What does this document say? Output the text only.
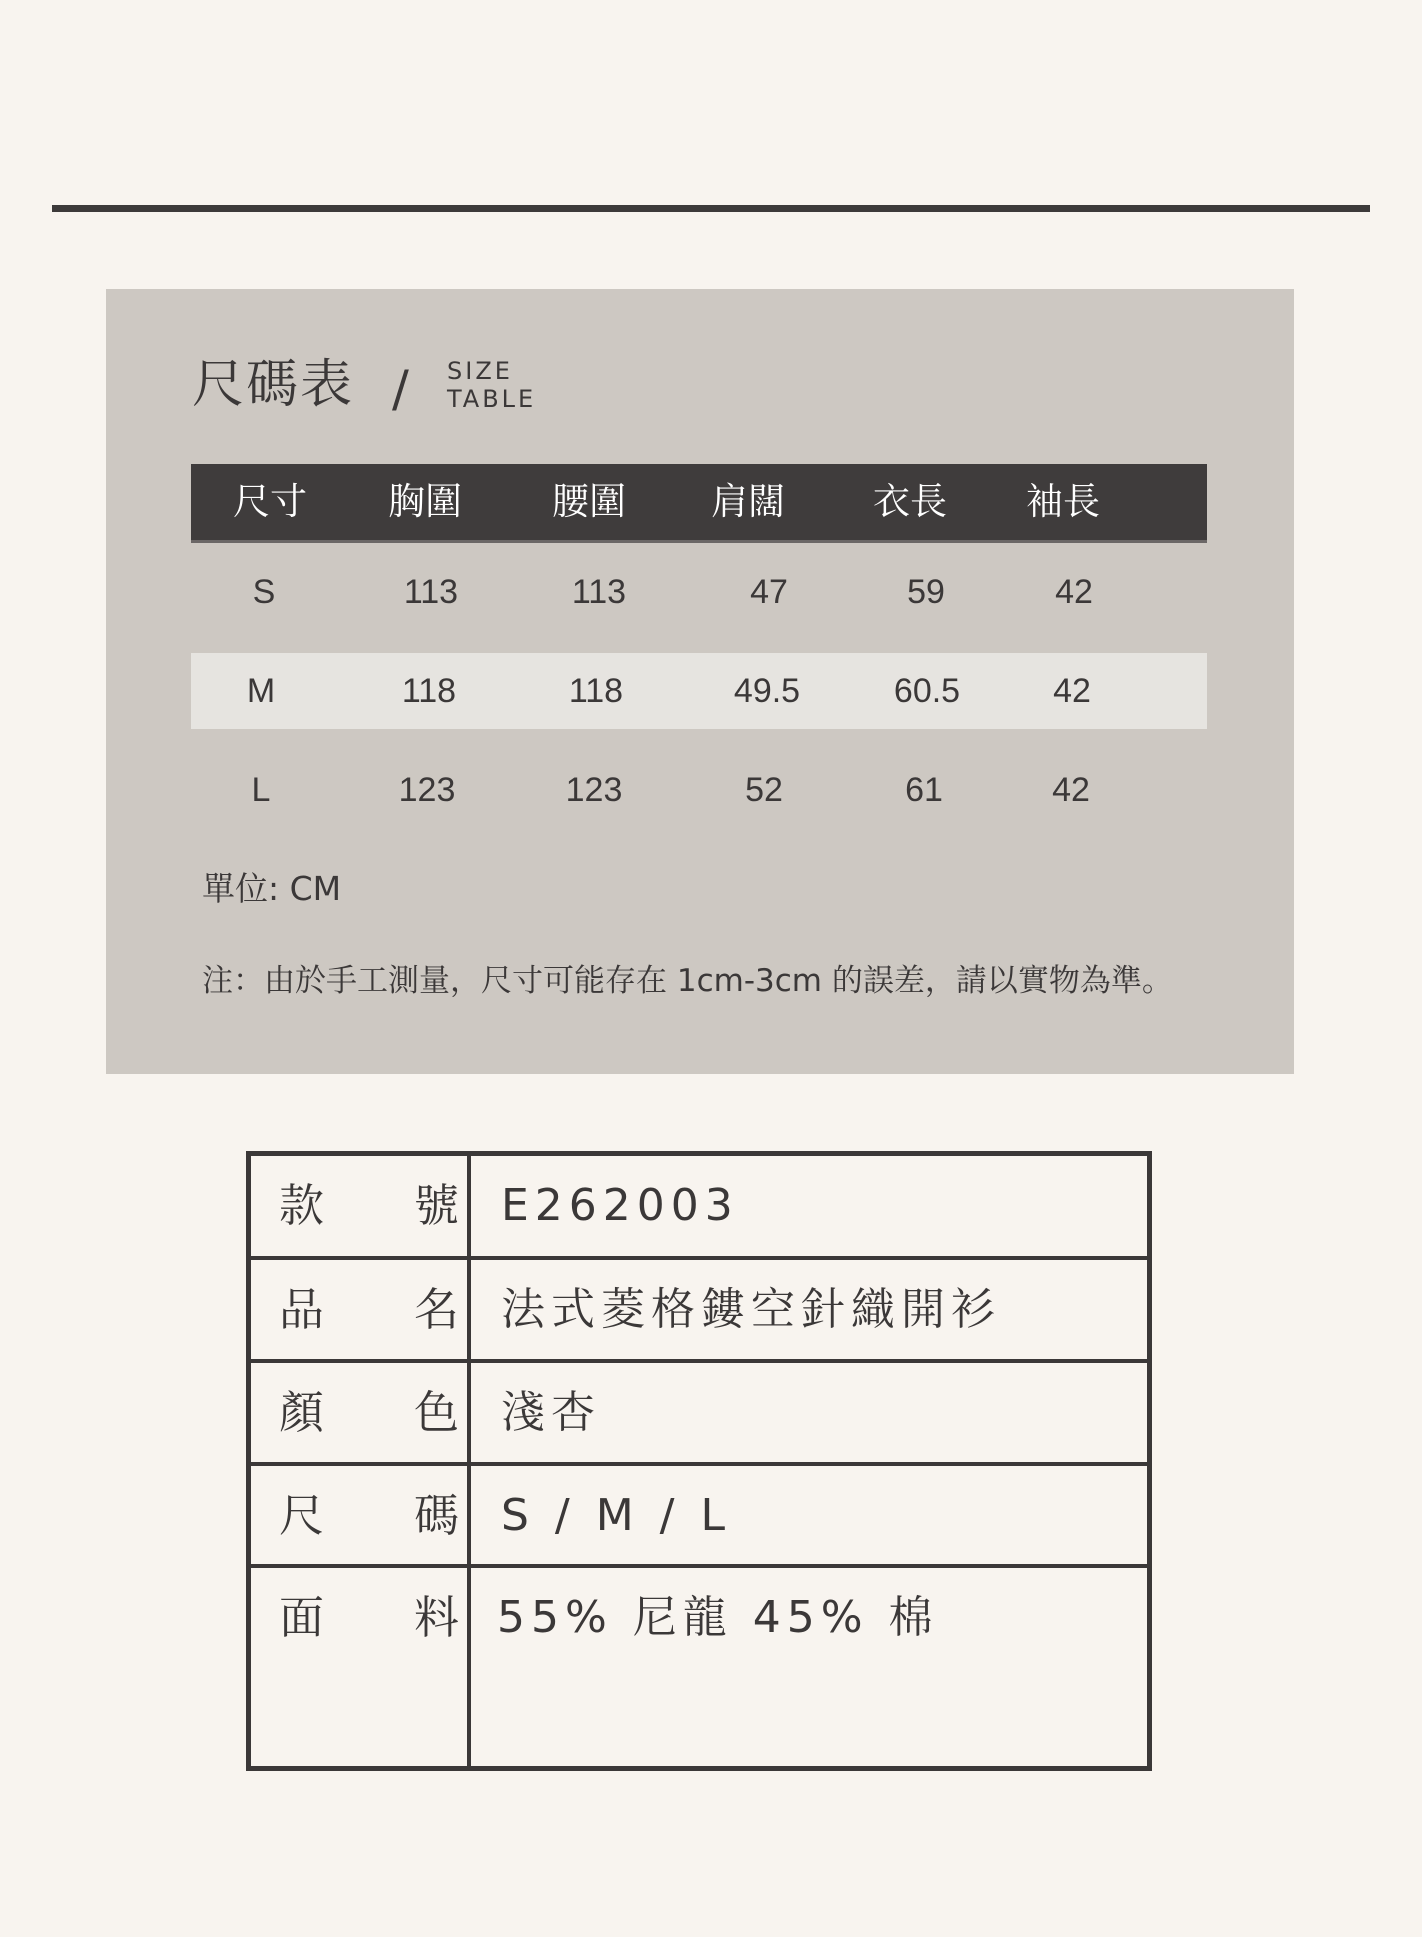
尺碼表 / SIZE
TABLE
尺寸 胸圍 腰圍 肩闊 衣長 袖長
S	113	113	47	59	42
M	118	118	49.5	60.5	42
L	123	123	52	61	42
單位: CM
注：由於手工測量，尺寸可能存在 1cm-3cm 的誤差，請以實物為準。
款　　號 E262003
品　　名 法式菱格鏤空針織開衫
顏　　色 淺杏
尺　　碼 S / M / L
面　　料 55% 尼龍 45% 棉
